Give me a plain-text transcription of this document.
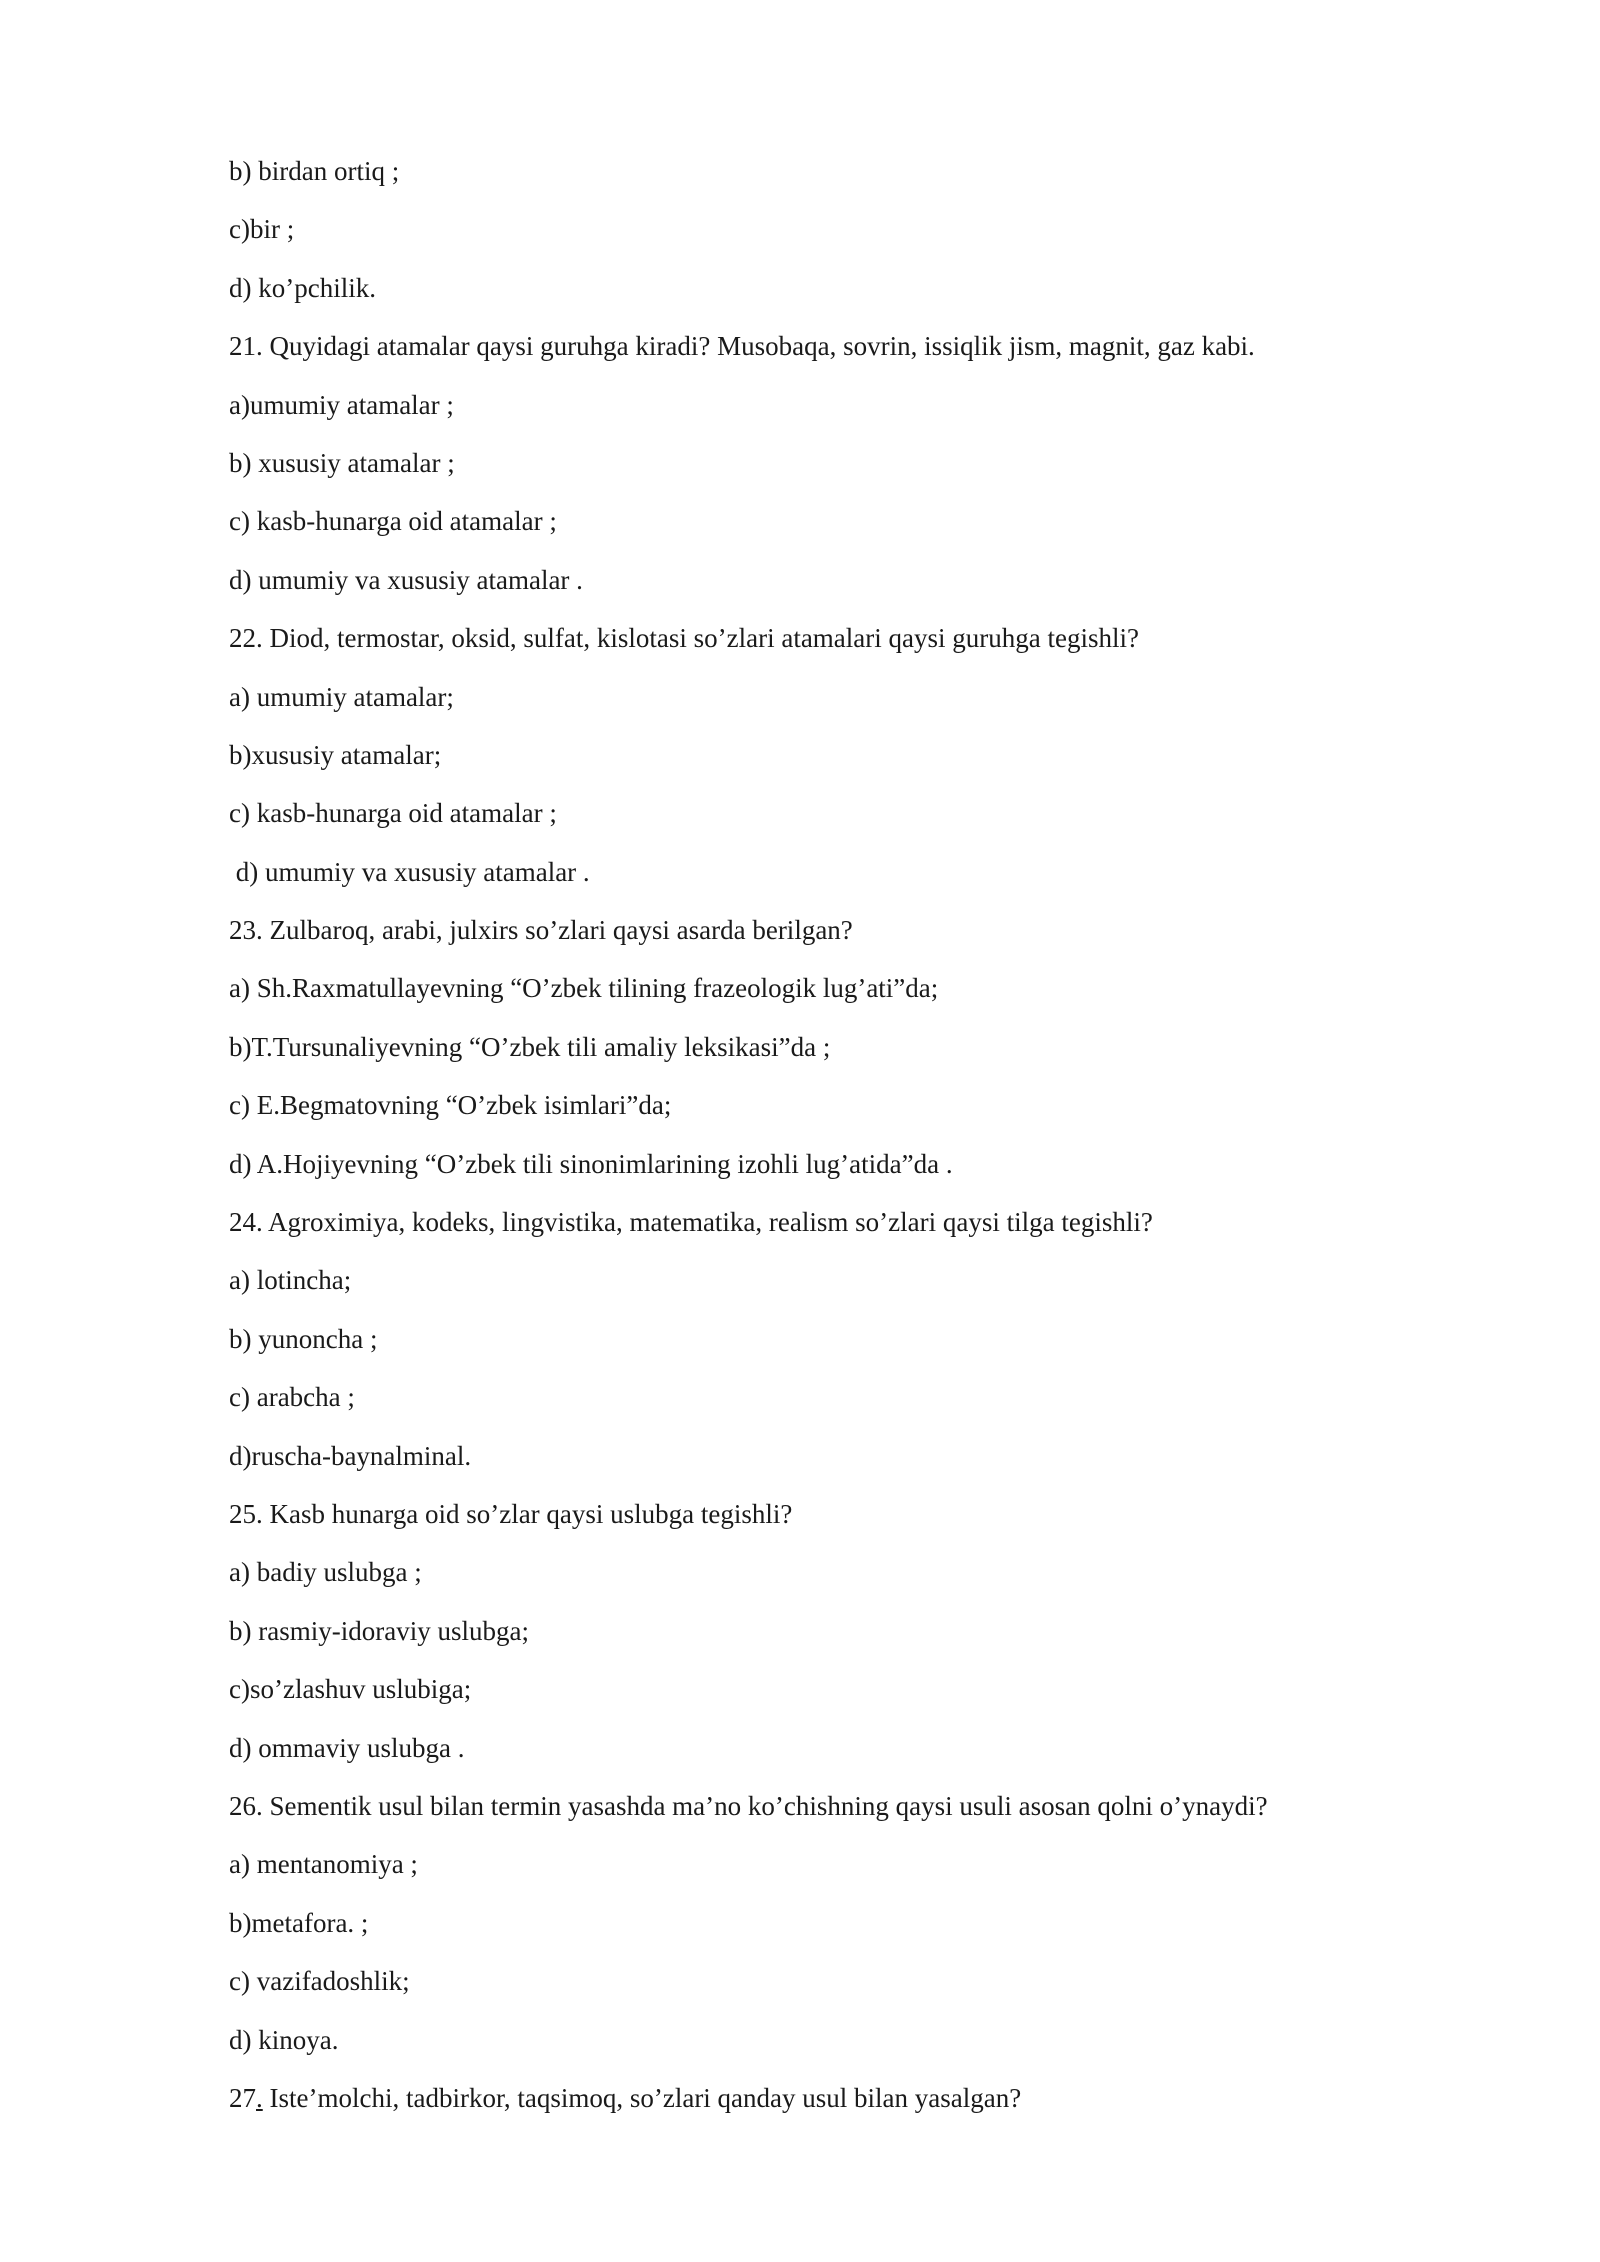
b) birdan ortiq ;
c)bir ;
d) ko’pchilik.
21. Quyidagi atamalar qaysi guruhga kiradi? Musobaqa, sovrin, issiqlik jism, magnit, gaz kabi.
a)umumiy atamalar ;
b) xususiy atamalar ;
c) kasb-hunarga oid atamalar ;
d) umumiy va xususiy atamalar .
22. Diod, termostar, oksid, sulfat, kislotasi so’zlari atamalari qaysi guruhga tegishli?
a) umumiy atamalar;
b)xususiy atamalar;
c) kasb-hunarga oid atamalar ;
d) umumiy va xususiy atamalar .
23. Zulbaroq, arabi, julxirs so’zlari qaysi asarda berilgan?
a) Sh.Raxmatullayevning “O’zbek tilining frazeologik lug’ati”da;
b)T.Tursunaliyevning “O’zbek tili amaliy leksikasi”da ;
c) E.Begmatovning “O’zbek isimlari”da;
d) A.Hojiyevning “O’zbek tili sinonimlarining izohli lug’atida”da .
24. Agroximiya, kodeks, lingvistika, matematika, realism so’zlari qaysi tilga tegishli?
a) lotincha;
b) yunoncha ;
c) arabcha ;
d)ruscha-baynalminal.
25. Kasb hunarga oid so’zlar qaysi uslubga tegishli?
a) badiy uslubga ;
b) rasmiy-idoraviy uslubga;
c)so’zlashuv uslubiga;
d) ommaviy uslubga .
26. Sementik usul bilan termin yasashda ma’no ko’chishning qaysi usuli asosan qolni o’ynaydi?
a) mentanomiya ;
b)metafora. ;
c) vazifadoshlik;
d) kinoya.
27. Iste’molchi, tadbirkor, taqsimoq, so’zlari qanday usul bilan yasalgan?
